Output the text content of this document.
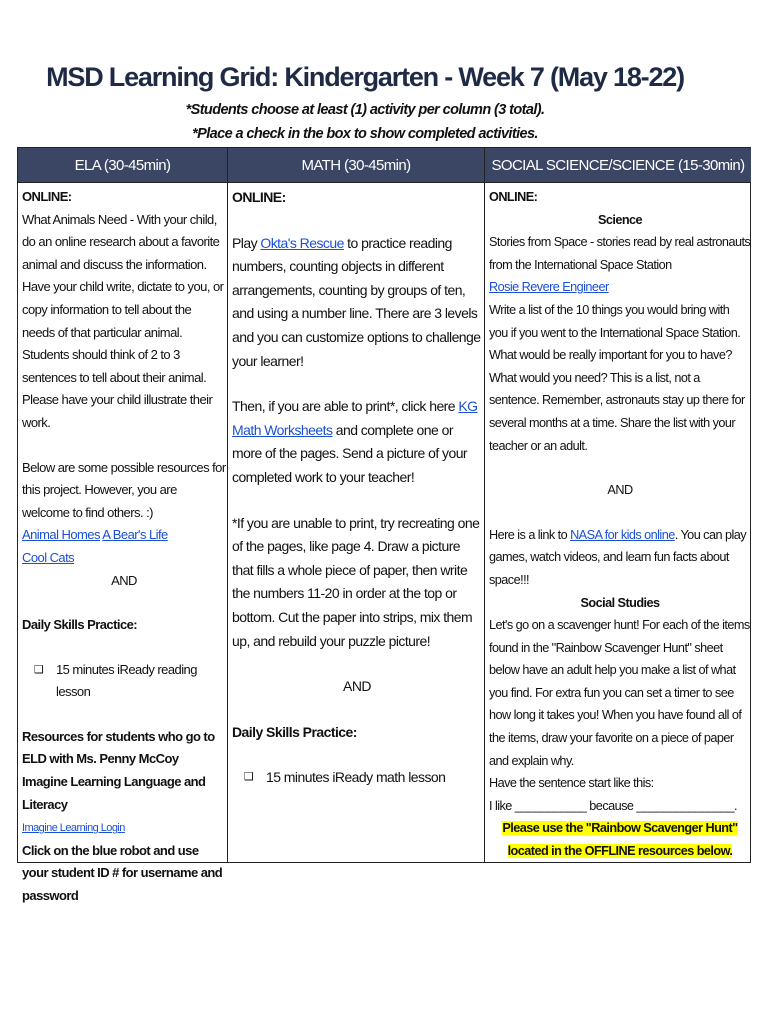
MSD Learning Grid: Kindergarten - Week 7 (May 18-22)
*Students choose at least (1) activity per column (3 total).
*Place a check in the box to show completed activities.
ELA (30-45min)	MATH (30-45min)	SOCIAL SCIENCE/SCIENCE (15-30min)
ONLINE:
What Animals Need - With your child, do an online research about a favorite animal and discuss the information. Have your child write, dictate to you, or copy information to tell about the needs of that particular animal. Students should think of 2 to 3 sentences to tell about their animal. Please have your child illustrate their work.
Below are some possible resources for this project. However, you are welcome to find others. :)
Animal Homes A Bear's Life
Cool Cats
AND
Daily Skills Practice:
❑ 15 minutes iReady reading lesson
Resources for students who go to ELD with Ms. Penny McCoy
Imagine Learning Language and Literacy
Imagine Learning Login
Click on the blue robot and use your student ID # for username and password
ONLINE:
Play Okta's Rescue to practice reading numbers, counting objects in different arrangements, counting by groups of ten, and using a number line. There are 3 levels and you can customize options to challenge your learner!
Then, if you are able to print*, click here KG Math Worksheets and complete one or more of the pages. Send a picture of your completed work to your teacher!
*If you are unable to print, try recreating one of the pages, like page 4. Draw a picture that fills a whole piece of paper, then write the numbers 11-20 in order at the top or bottom. Cut the paper into strips, mix them up, and rebuild your puzzle picture!
AND
Daily Skills Practice:
❑ 15 minutes iReady math lesson
ONLINE:
Science
Stories from Space - stories read by real astronauts from the International Space Station
Rosie Revere Engineer
Write a list of the 10 things you would bring with you if you went to the International Space Station. What would be really important for you to have? What would you need? This is a list, not a sentence. Remember, astronauts stay up there for several months at a time. Share the list with your teacher or an adult.
AND
Here is a link to NASA for kids online. You can play games, watch videos, and learn fun facts about space!!!
Social Studies
Let's go on a scavenger hunt! For each of the items found in the "Rainbow Scavenger Hunt" sheet below have an adult help you make a list of what you find. For extra fun you can set a timer to see how long it takes you! When you have found all of the items, draw your favorite on a piece of paper and explain why.
Have the sentence start like this:
I like ___________ because _______________.
Please use the "Rainbow Scavenger Hunt"
located in the OFFLINE resources below.
